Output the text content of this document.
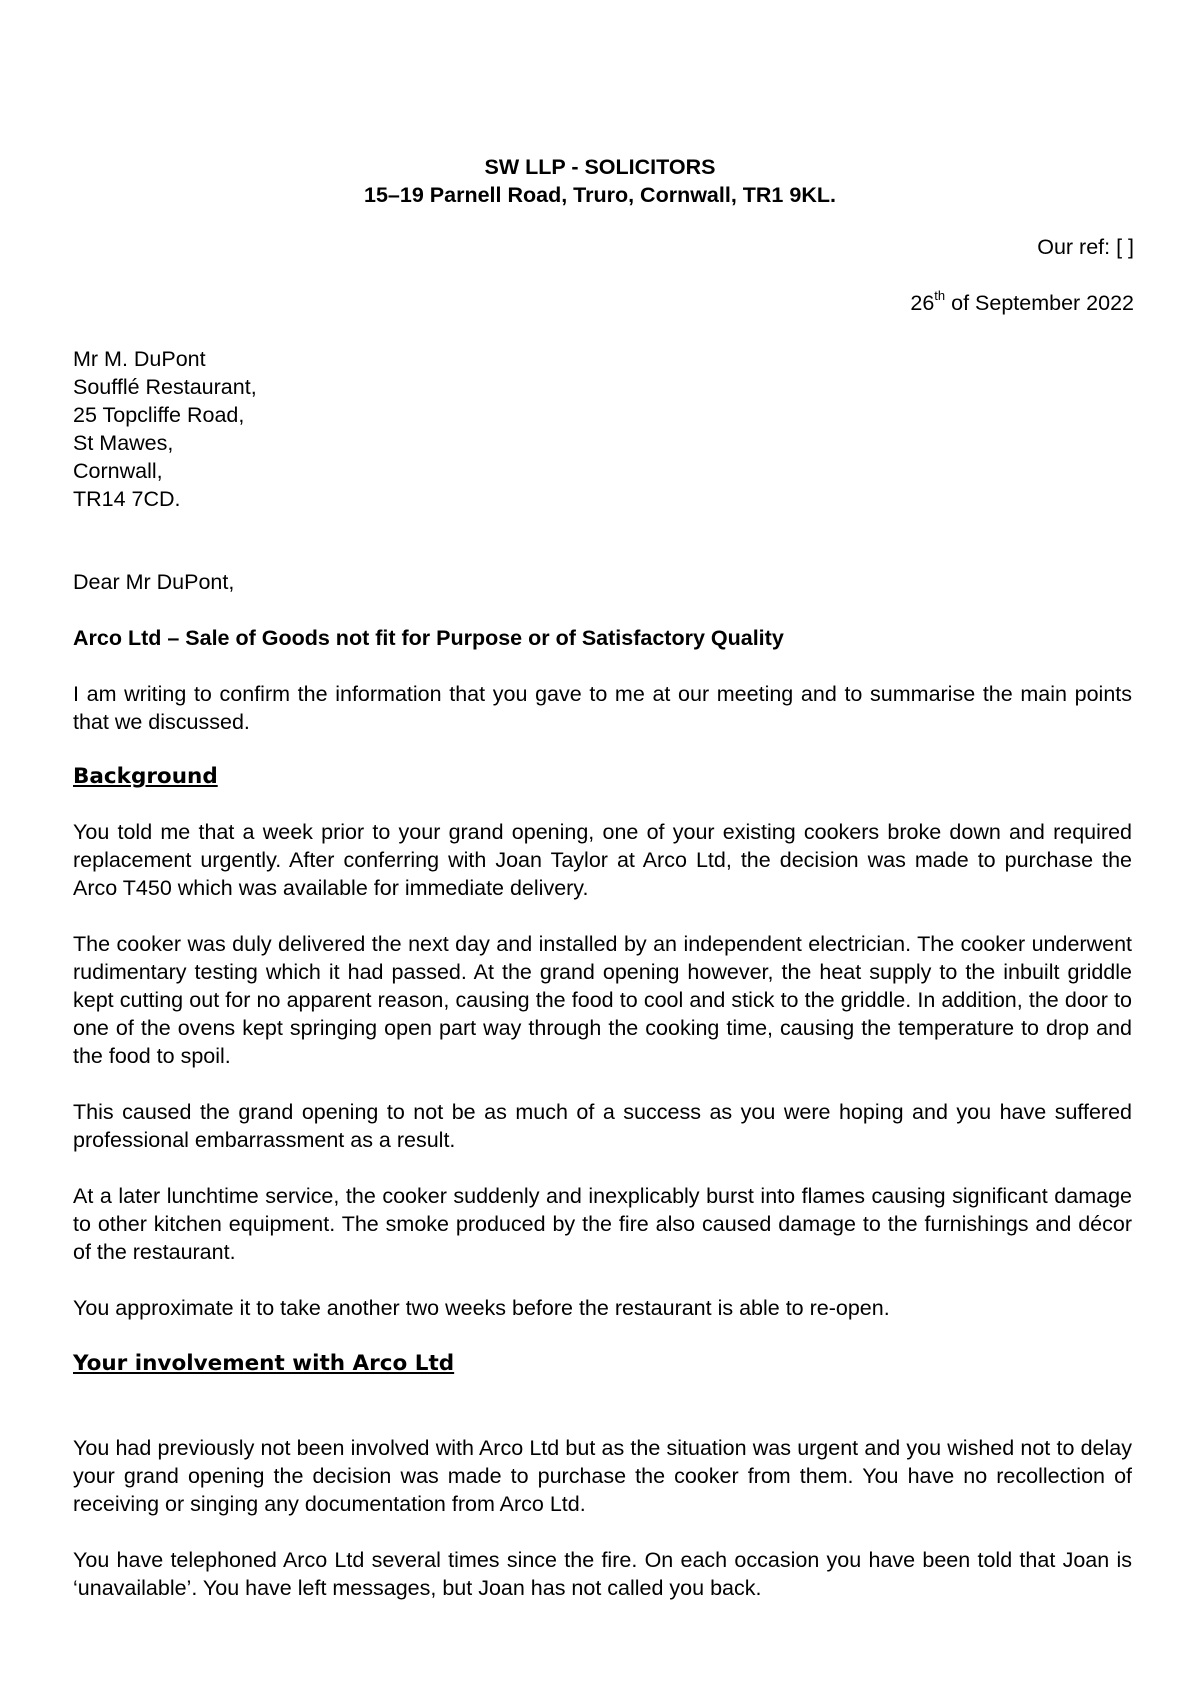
SW LLP - SOLICITORS
15–19 Parnell Road, Truro, Cornwall, TR1 9KL.
Our ref: [ ]
26th of September 2022
Mr M. DuPont
Soufflé Restaurant,
25 Topcliffe Road,
St Mawes,
Cornwall,
TR14 7CD.
Dear Mr DuPont,
Arco Ltd – Sale of Goods not fit for Purpose or of Satisfactory Quality
I am writing to confirm the information that you gave to me at our meeting and to summarise the main points that we discussed.
Background
You told me that a week prior to your grand opening, one of your existing cookers broke down and required replacement urgently. After conferring with Joan Taylor at Arco Ltd, the decision was made to purchase the Arco T450 which was available for immediate delivery.
The cooker was duly delivered the next day and installed by an independent electrician. The cooker underwent rudimentary testing which it had passed. At the grand opening however, the heat supply to the inbuilt griddle kept cutting out for no apparent reason, causing the food to cool and stick to the griddle. In addition, the door to one of the ovens kept springing open part way through the cooking time, causing the temperature to drop and the food to spoil.
This caused the grand opening to not be as much of a success as you were hoping and you have suffered professional embarrassment as a result.
At a later lunchtime service, the cooker suddenly and inexplicably burst into flames causing significant damage to other kitchen equipment. The smoke produced by the fire also caused damage to the furnishings and décor of the restaurant.
You approximate it to take another two weeks before the restaurant is able to re-open.
Your involvement with Arco Ltd
You had previously not been involved with Arco Ltd but as the situation was urgent and you wished not to delay your grand opening the decision was made to purchase the cooker from them. You have no recollection of receiving or singing any documentation from Arco Ltd.
You have telephoned Arco Ltd several times since the fire. On each occasion you have been told that Joan is ‘unavailable’. You have left messages, but Joan has not called you back.
